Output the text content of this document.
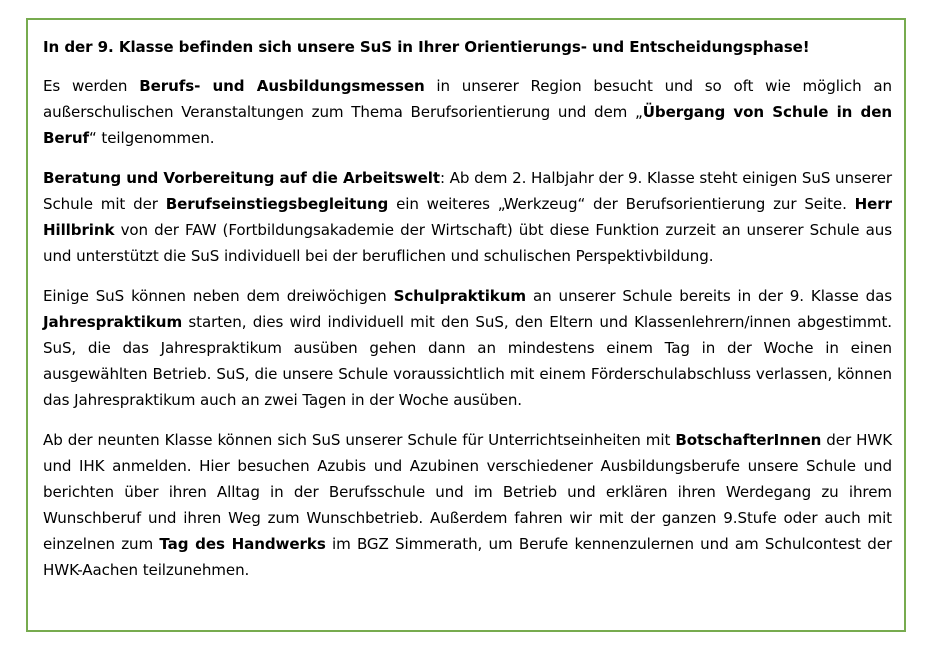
In der 9. Klasse befinden sich unsere SuS in Ihrer Orientierungs- und Entscheidungsphase!

Es werden Berufs- und Ausbildungsmessen in unserer Region besucht und so oft wie möglich an außerschulischen Veranstaltungen zum Thema Berufsorientierung und dem „Übergang von Schule in den Beruf“ teilgenommen.

Beratung und Vorbereitung auf die Arbeitswelt: Ab dem 2. Halbjahr der 9. Klasse steht einigen SuS unserer Schule mit der Berufseinstiegsbegleitung ein weiteres „Werkzeug“ der Berufsorientierung zur Seite. Herr Hillbrink von der FAW (Fortbildungsakademie der Wirtschaft) übt diese Funktion zurzeit an unserer Schule aus und unterstützt die SuS individuell bei der beruflichen und schulischen Perspektivbildung.

Einige SuS können neben dem dreiwöchigen Schulpraktikum an unserer Schule bereits in der 9. Klasse das Jahrespraktikum starten, dies wird individuell mit den SuS, den Eltern und Klassenlehrern/innen abgestimmt. SuS, die das Jahrespraktikum ausüben gehen dann an mindestens einem Tag in der Woche in einen ausgewählten Betrieb. SuS, die unsere Schule voraussichtlich mit einem Förderschulabschluss verlassen, können das Jahrespraktikum auch an zwei Tagen in der Woche ausüben.

Ab der neunten Klasse können sich SuS unserer Schule für Unterrichtseinheiten mit BotschafterInnen der HWK und IHK anmelden. Hier besuchen Azubis und Azubinen verschiedener Ausbildungsberufe unsere Schule und berichten über ihren Alltag in der Berufsschule und im Betrieb und erklären ihren Werdegang zu ihrem Wunschberuf und ihren Weg zum Wunschbetrieb. Außerdem fahren wir mit der ganzen 9.Stufe oder auch mit einzelnen zum Tag des Handwerks im BGZ Simmerath, um Berufe kennenzulernen und am Schulcontest der HWK-Aachen teilzunehmen.
